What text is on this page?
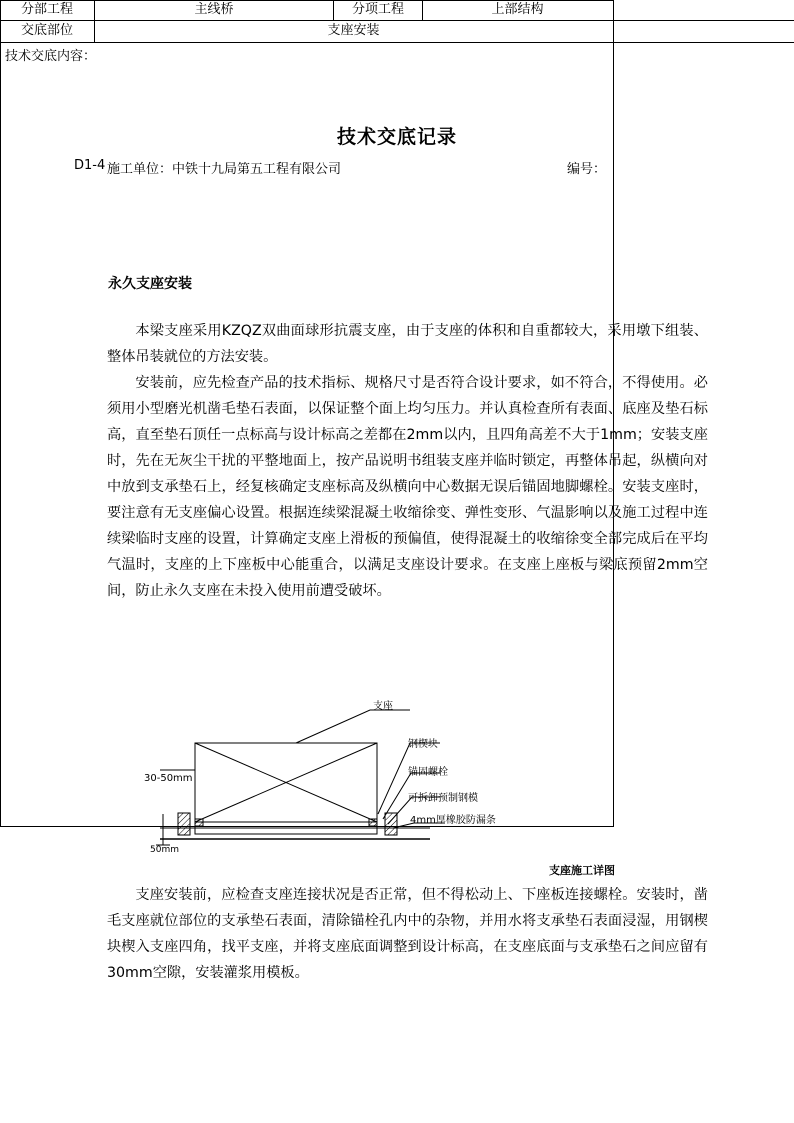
技术交底记录
D1-4 施工单位：中铁十九局第五工程有限公司	编号：
分部工程	主线桥	分项工程	上部结构
交底部位	支座安装
技术交底内容：
永久支座安装

本梁支座采用KZQZ双曲面球形抗震支座，由于支座的体积和自重都较大，采用墩下组装、整体吊装就位的方法安装。

安装前，应先检查产品的技术指标、规格尺寸是否符合设计要求，如不符合，不得使用。必须用小型磨光机凿毛垫石表面，以保证整个面上均匀压力。并认真检查所有表面、底座及垫石标高，直至垫石顶任一点标高与设计标高之差都在2mm以内，且四角高差不大于1mm；安装支座时，先在无灰尘干扰的平整地面上，按产品说明书组装支座并临时锁定，再整体吊起，纵横向对中放到支承垫石上，经复核确定支座标高及纵横向中心数据无误后锚固地脚螺栓。安装支座时，要注意有无支座偏心设置。根据连续梁混凝土收缩徐变、弹性变形、气温影响以及施工过程中连续梁临时支座的设置，计算确定支座上滑板的预偏值，使得混凝土的收缩徐变全部完成后在平均气温时，支座的上下座板中心能重合，以满足支座设计要求。在支座上座板与梁底预留2mm空间，防止永久支座在未投入使用前遭受破坏。

30-50mm
50mm
支座
钢楔块
锚固螺栓
可拆卸预制钢模
4mm厚橡胶防漏条
支座施工详图

支座安装前，应检查支座连接状况是否正常，但不得松动上、下座板连接螺栓。安装时，凿毛支座就位部位的支承垫石表面，清除锚栓孔内中的杂物，并用水将支承垫石表面浸湿，用钢楔块楔入支座四角，找平支座，并将支座底面调整到设计标高，在支座底面与支承垫石之间应留有30mm空隙，安装灌浆用模板。
